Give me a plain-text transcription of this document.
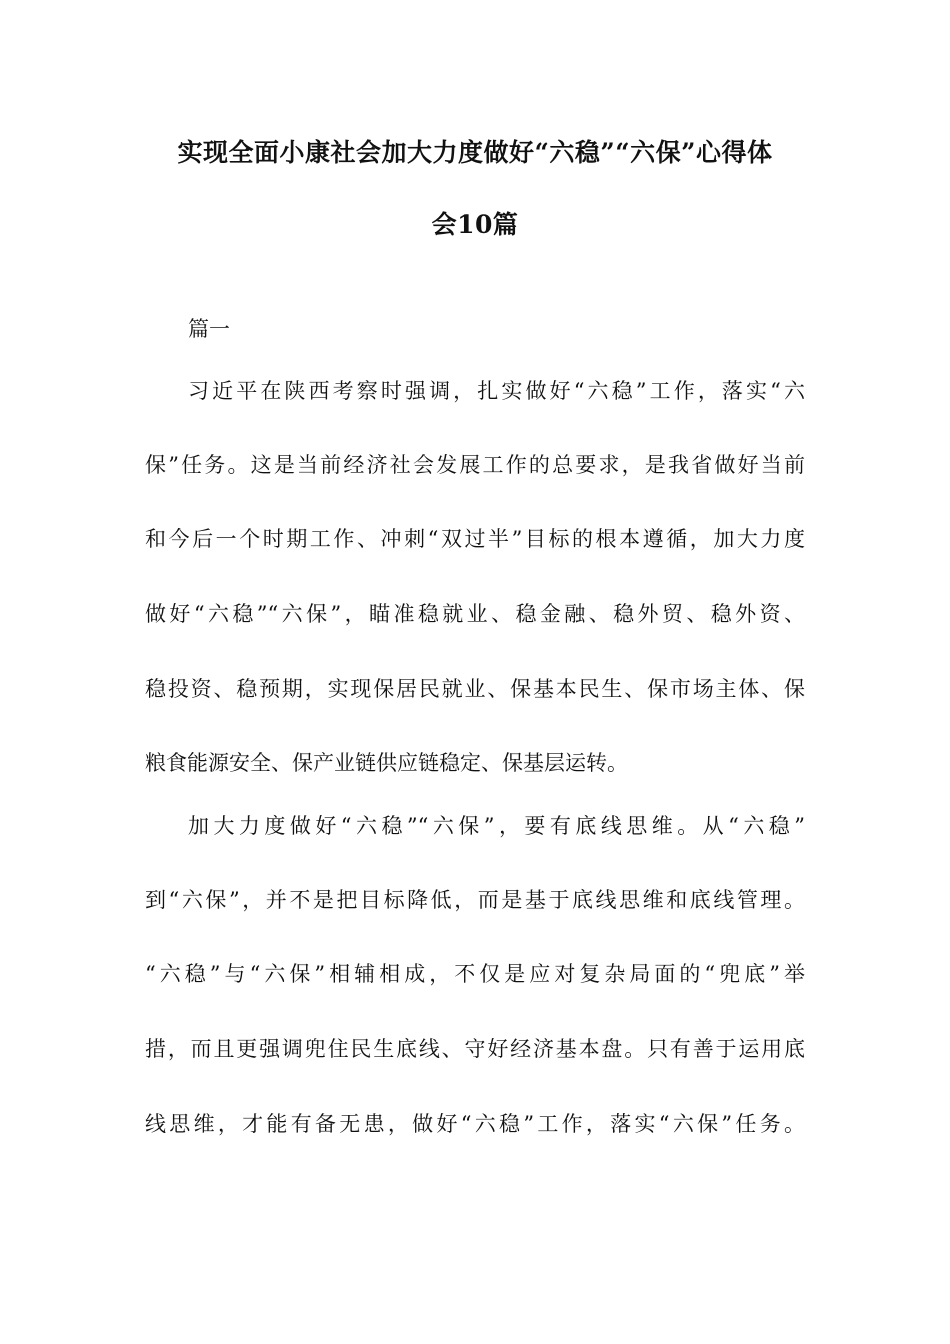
实现全面小康社会加大力度做好“六稳”“六保”心得体
会10篇
篇一
习近平在陕西考察时强调，扎实做好“六稳”工作，落实“六
保”任务。这是当前经济社会发展工作的总要求，是我省做好当前
和今后一个时期工作、冲刺“双过半”目标的根本遵循，加大力度
做好“六稳”“六保”，瞄准稳就业、稳金融、稳外贸、稳外资、
稳投资、稳预期，实现保居民就业、保基本民生、保市场主体、保
粮食能源安全、保产业链供应链稳定、保基层运转。
加大力度做好“六稳”“六保”，要有底线思维。从“六稳”
到“六保”，并不是把目标降低，而是基于底线思维和底线管理。
“六稳”与“六保”相辅相成，不仅是应对复杂局面的“兜底”举
措，而且更强调兜住民生底线、守好经济基本盘。只有善于运用底
线思维，才能有备无患，做好“六稳”工作，落实“六保”任务。
